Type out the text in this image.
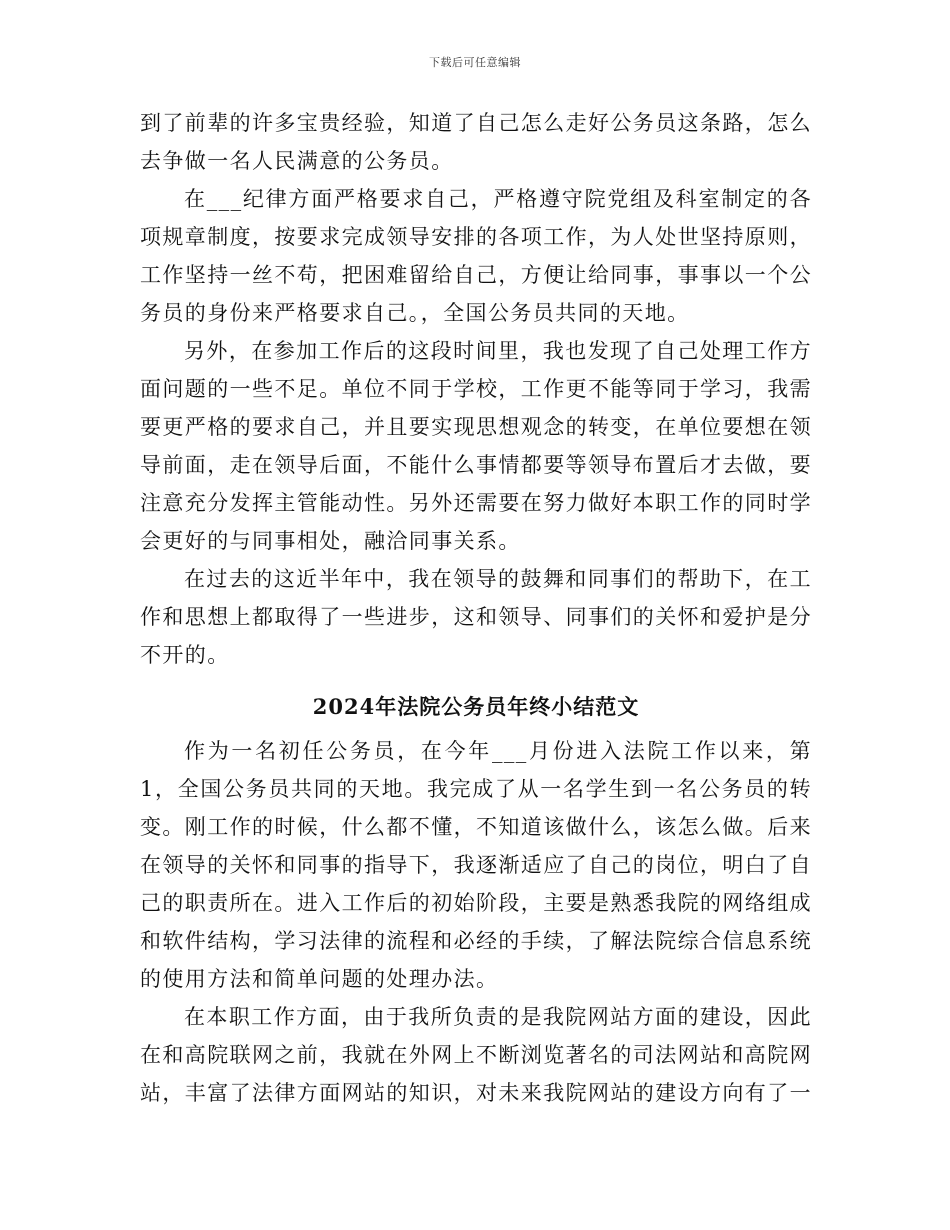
下载后可任意编辑

到了前辈的许多宝贵经验，知道了自己怎么走好公务员这条路，怎么去争做一名人民满意的公务员。

在___纪律方面严格要求自己，严格遵守院党组及科室制定的各项规章制度，按要求完成领导安排的各项工作，为人处世坚持原则，工作坚持一丝不苟，把困难留给自己，方便让给同事，事事以一个公务员的身份来严格要求自己。，全国公务员共同的天地。

另外，在参加工作后的这段时间里，我也发现了自己处理工作方面问题的一些不足。单位不同于学校，工作更不能等同于学习，我需要更严格的要求自己，并且要实现思想观念的转变，在单位要想在领导前面，走在领导后面，不能什么事情都要等领导布置后才去做，要注意充分发挥主管能动性。另外还需要在努力做好本职工作的同时学会更好的与同事相处，融洽同事关系。

在过去的这近半年中，我在领导的鼓舞和同事们的帮助下，在工作和思想上都取得了一些进步，这和领导、同事们的关怀和爱护是分不开的。

2024年法院公务员年终小结范文

作为一名初任公务员，在今年___月份进入法院工作以来，第1，全国公务员共同的天地。我完成了从一名学生到一名公务员的转变。刚工作的时候，什么都不懂，不知道该做什么，该怎么做。后来在领导的关怀和同事的指导下，我逐渐适应了自己的岗位，明白了自己的职责所在。进入工作后的初始阶段，主要是熟悉我院的网络组成和软件结构，学习法律的流程和必经的手续，了解法院综合信息系统的使用方法和简单问题的处理办法。

在本职工作方面，由于我所负责的是我院网站方面的建设，因此在和高院联网之前，我就在外网上不断浏览著名的司法网站和高院网站，丰富了法律方面网站的知识，对未来我院网站的建设方向有了一
